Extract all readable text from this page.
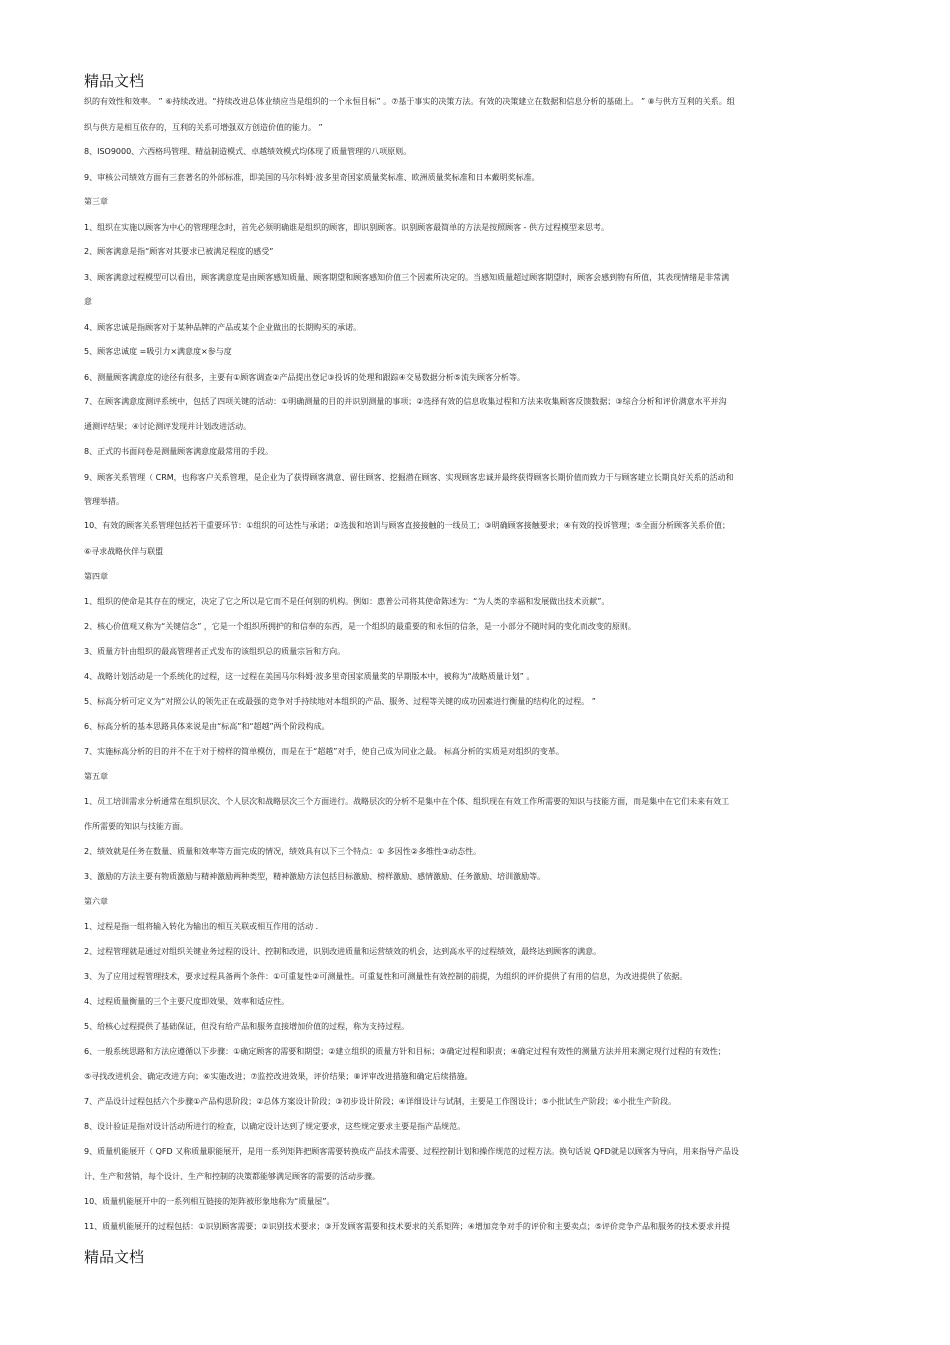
精品文档
织的有效性和效率。 ” ⑥持续改进。“持续改进总体业绩应当是组织的一个永恒目标” 。⑦基于事实的决策方法。有效的决策建立在数据和信息分析的基础上。 ” ⑧与供方互利的关系。组
织与供方是相互依存的，互利的关系可增强双方创造价值的能力。 ”
8、ISO9000、六西格玛管理、精益制造模式、卓越绩效模式均体现了质量管理的八项原则。
9、审核公司绩效方面有三套著名的外部标准，即美国的马尔科姆·波多里奇国家质量奖标准、欧洲质量奖标准和日本戴明奖标准。
第三章
1、组织在实施以顾客为中心的管理理念时，首先必须明确谁是组织的顾客，即识别顾客。识别顾客最简单的方法是按照顾客 - 供方过程模型来思考。
2、顾客满意是指“顾客对其要求已被满足程度的感受”
3、顾客满意过程模型可以看出，顾客满意度是由顾客感知质量、顾客期望和顾客感知价值三个因素所决定的。当感知质量超过顾客期望时，顾客会感到物有所值，其表现情绪是非常满
意
4、顾客忠诚是指顾客对于某种品牌的产品或某个企业做出的长期购买的承诺。
5、顾客忠诚度 =吸引力×满意度×参与度
6、测量顾客满意度的途径有很多，主要有①顾客调查②产品提出登记③投诉的处理和跟踪④交易数据分析⑤流失顾客分析等。
7、在顾客满意度测评系统中，包括了四项关键的活动：①明确测量的目的并识别测量的事项；②选择有效的信息收集过程和方法来收集顾客反馈数据；③综合分析和评价满意水平并沟
通测评结果；④讨论测评发现并计划改进活动。
8、正式的书面问卷是测量顾客满意度最常用的手段。
9、顾客关系管理（ CRM，也称客户关系管理，是企业为了获得顾客满意、留住顾客、挖掘潜在顾客、实现顾客忠诚并最终获得顾客长期价值而致力于与顾客建立长期良好关系的活动和
管理举措。
10、有效的顾客关系管理包括若干重要环节：①组织的可达性与承诺；②选拔和培训与顾客直接接触的一线员工；③明确顾客接触要求；④有效的投诉管理；⑤全面分析顾客关系价值；
⑥寻求战略伙伴与联盟
第四章
1、组织的使命是其存在的规定，决定了它之所以是它而不是任何别的机构。例如：惠普公司将其使命陈述为：“为人类的幸福和发展做出技术贡献”。
2、核心价值观又称为“关键信念” ，它是一个组织所拥护的和信奉的东西，是一个组织的最重要的和永恒的信条，是一小部分不随时间的变化而改变的原则。
3、质量方针由组织的最高管理者正式发布的该组织总的质量宗旨和方向。
4、战略计划活动是一个系统化的过程，这一过程在美国马尔科姆·波多里奇国家质量奖的早期版本中，被称为“战略质量计划” 。
5、标高分析可定义为“对照公认的领先正在或最强的竞争对手持续地对本组织的产品、服务、过程等关键的成功因素进行衡量的结构化的过程。 ”
6、标高分析的基本思路具体来说是由“标高”和“超越”两个阶段构成。
7、实施标高分析的目的并不在于对于榜样的简单模仿，而是在于“超越”对手，使自己成为同业之最。 标高分析的实质是对组织的变革。
第五章
1、员工培训需求分析通常在组织层次、个人层次和战略层次三个方面进行。战略层次的分析不是集中在个体、组织现在有效工作所需要的知识与技能方面，而是集中在它们未来有效工
作所需要的知识与技能方面。
2、绩效就是任务在数量、质量和效率等方面完成的情况，绩效具有以下三个特点：① 多因性②多维性③动态性。
3、激励的方法主要有物质激励与精神激励两种类型，精神激励方法包括目标激励、榜样激励、感情激励、任务激励、培训激励等。
第六章
1、过程是指一组将输入转化为输出的相互关联或相互作用的活动 .
2、过程管理就是通过对组织关键业务过程的设计、控制和改进，识别改进质量和运营绩效的机会，达到高水平的过程绩效，最终达到顾客的满意。
3、为了应用过程管理技术，要求过程具备两个条件：①可重复性②可测量性。可重复性和可测量性有效控制的前提，为组织的评价提供了有用的信息，为改进提供了依据。
4、过程质量衡量的三个主要尺度即效果、效率和适应性。
5、给核心过程提供了基础保证，但没有给产品和服务直接增加价值的过程，称为支持过程。
6、一般系统思路和方法应遵循以下步骤：①确定顾客的需要和期望；②建立组织的质量方针和目标；③确定过程和职责；④确定过程有效性的测量方法并用来测定现行过程的有效性；
⑤寻找改进机会、确定改进方向；⑥实施改进；⑦监控改进效果，评价结果；⑧评审改进措施和确定后续措施。
7、产品设计过程包括六个步骤①产品构思阶段；②总体方案设计阶段；③初步设计阶段；④详细设计与试制，主要是工作图设计；⑤小批试生产阶段；⑥小批生产阶段。
8、设计验证是指对设计活动所进行的检查，以确定设计达到了规定要求，这些规定要求主要是指产品规范。
9、质量机能展开（ QFD 又称质量职能展开，是用一系列矩阵把顾客需要转换成产品技术需要、过程控制计划和操作规范的过程方法。换句话说 QFD就是以顾客为导向，用来指导产品设
计、生产和营销，每个设计、生产和控制的决策都能够满足顾客的需要的活动步骤。
10、质量机能展开中的一系列相互链接的矩阵被形象地称为“质量屋”。
11、质量机能展开的过程包括：①识别顾客需要；②识别技术要求；③开发顾客需要和技术要求的关系矩阵；④增加竞争对手的评价和主要卖点；⑤评价竞争产品和服务的技术要求并提
精品文档
